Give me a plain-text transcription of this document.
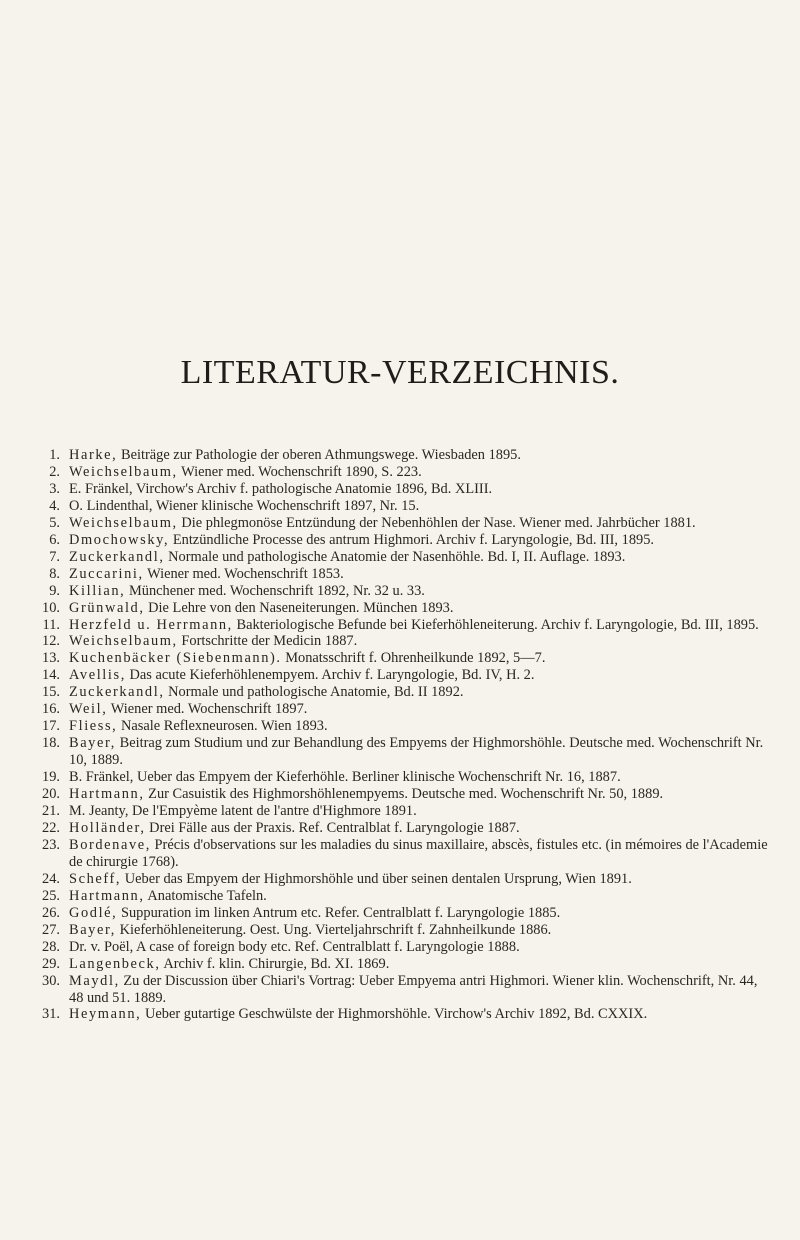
LITERATUR-VERZEICHNIS.
1. Harke, Beiträge zur Pathologie der oberen Athmungswege. Wiesbaden 1895.
2. Weichselbaum, Wiener med. Wochenschrift 1890, S. 223.
3. E. Fränkel, Virchow's Archiv f. pathologische Anatomie 1896, Bd. XLIII.
4. O. Lindenthal, Wiener klinische Wochenschrift 1897, Nr. 15.
5. Weichselbaum, Die phlegmonöse Entzündung der Nebenhöhlen der Nase. Wiener med. Jahrbücher 1881.
6. Dmochowsky, Entzündliche Processe des antrum Highmori. Archiv f. Laryngologie, Bd. III, 1895.
7. Zuckerkandl, Normale und pathologische Anatomie der Nasenhöhle. Bd. I, II. Auflage. 1893.
8. Zuccarini, Wiener med. Wochenschrift 1853.
9. Killian, Münchener med. Wochenschrift 1892, Nr. 32 u. 33.
10. Grünwald, Die Lehre von den Naseneiterungen. München 1893.
11. Herzfeld u. Herrmann, Bakteriologische Befunde bei Kieferhöhleneiterung. Archiv f. Laryngologie, Bd. III, 1895.
12. Weichselbaum, Fortschritte der Medicin 1887.
13. Kuchenbäcker (Siebenmann). Monatsschrift f. Ohrenheilkunde 1892, 5—7.
14. Avellis, Das acute Kieferhöhlenempyem. Archiv f. Laryngologie, Bd. IV, H. 2.
15. Zuckerkandl, Normale und pathologische Anatomie, Bd. II 1892.
16. Weil, Wiener med. Wochenschrift 1897.
17. Fliess, Nasale Reflexneurosen. Wien 1893.
18. Bayer, Beitrag zum Studium und zur Behandlung des Empyems der Highmorshöhle. Deutsche med. Wochenschrift Nr. 10, 1889.
19. B. Fränkel, Ueber das Empyem der Kieferhöhle. Berliner klinische Wochenschrift Nr. 16, 1887.
20. Hartmann, Zur Casuistik des Highmorshöhlenempyems. Deutsche med. Wochenschrift Nr. 50, 1889.
21. M. Jeanty, De l'Empyème latent de l'antre d'Highmore 1891.
22. Holländer, Drei Fälle aus der Praxis. Ref. Centralblat f. Laryngologie 1887.
23. Bordenave, Précis d'observations sur les maladies du sinus maxillaire, abscès, fistules etc. (in mémoires de l'Academie de chirurgie 1768).
24. Scheff, Ueber das Empyem der Highmorshöhle und über seinen dentalen Ursprung, Wien 1891.
25. Hartmann, Anatomische Tafeln.
26. Godlé, Suppuration im linken Antrum etc. Refer. Centralblatt f. Laryngologie 1885.
27. Bayer, Kieferhöhleneiterung. Oest. Ung. Vierteljahrschrift f. Zahnheilkunde 1886.
28. Dr. v. Poël, A case of foreign body etc. Ref. Centralblatt f. Laryngologie 1888.
29. Langenbeck, Archiv f. klin. Chirurgie, Bd. XI. 1869.
30. Maydl, Zu der Discussion über Chiari's Vortrag: Ueber Empyema antri Highmori. Wiener klin. Wochenschrift, Nr. 44, 48 und 51. 1889.
31. Heymann, Ueber gutartige Geschwülste der Highmorshöhle. Virchow's Archiv 1892, Bd. CXXIX.
